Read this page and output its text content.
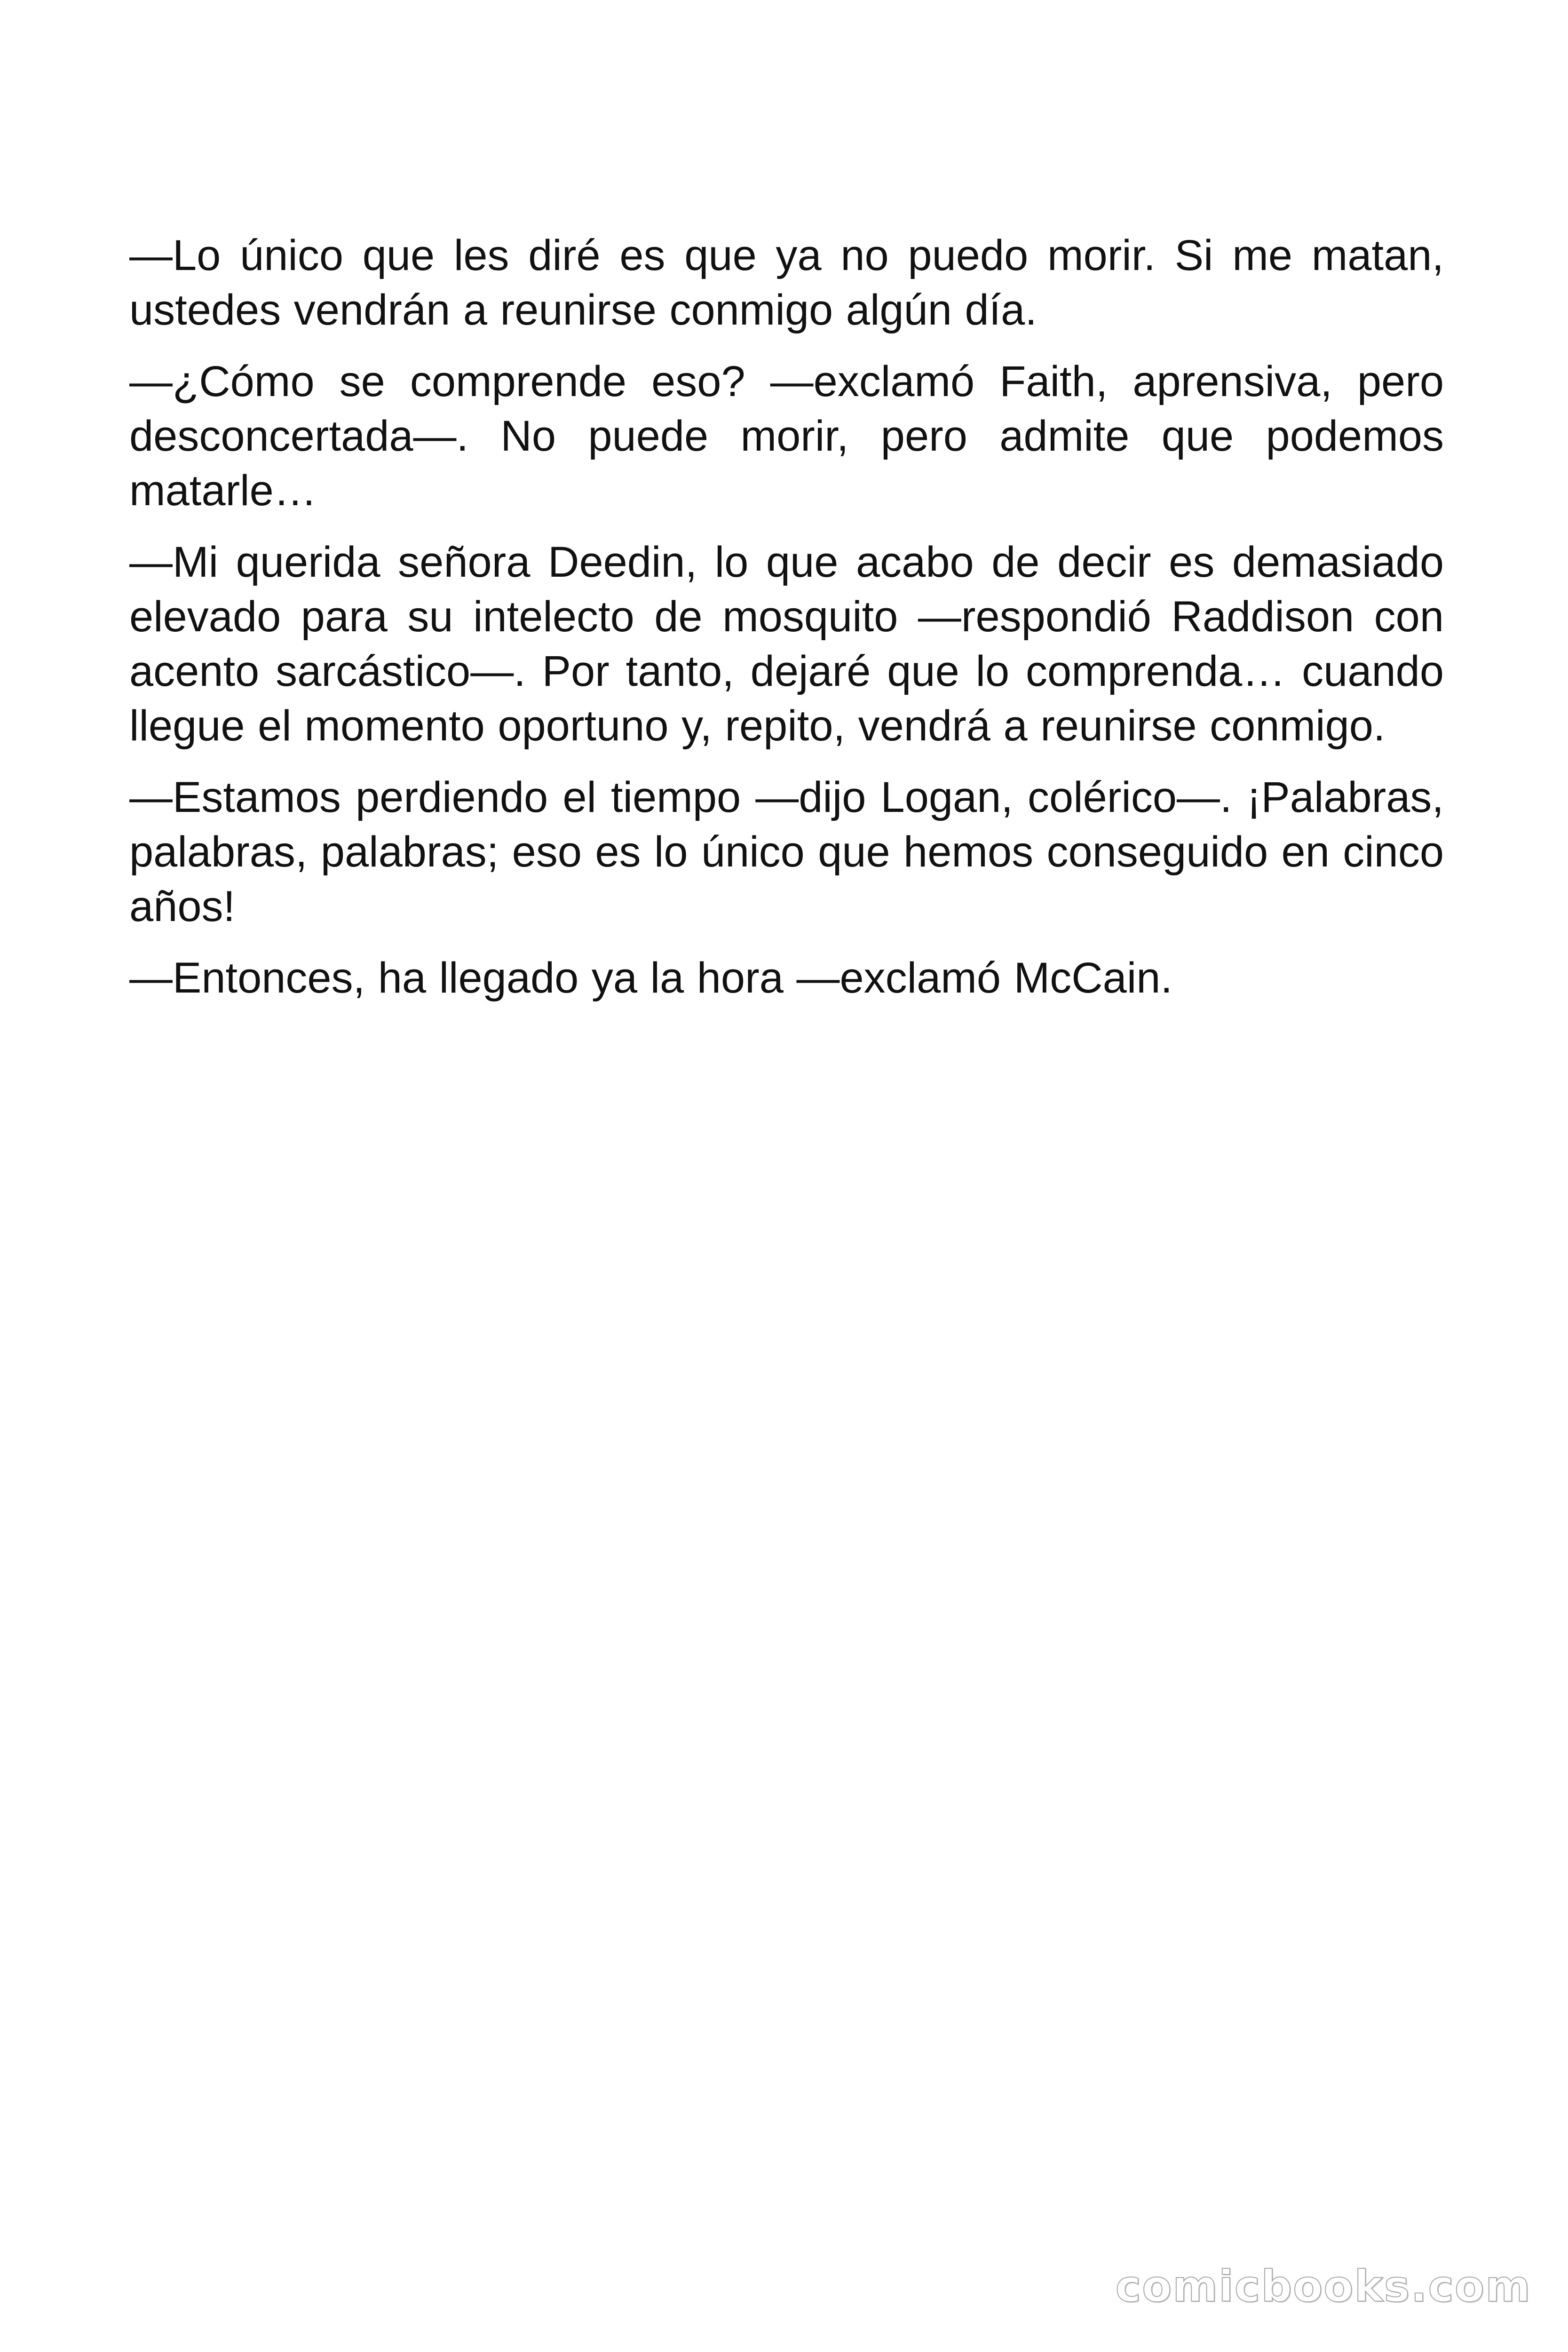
—Lo único que les diré es que ya no puedo morir. Si me matan, ustedes vendrán a reunirse conmigo algún día.

—¿Cómo se comprende eso? —exclamó Faith, aprensiva, pero desconcertada—. No puede morir, pero admite que podemos matarle…

—Mi querida señora Deedin, lo que acabo de decir es demasiado elevado para su intelecto de mosquito —respondió Raddison con acento sarcástico—. Por tanto, dejaré que lo comprenda… cuando llegue el momento oportuno y, repito, vendrá a reunirse conmigo.

—Estamos perdiendo el tiempo —dijo Logan, colérico—. ¡Palabras, palabras, palabras; eso es lo único que hemos conseguido en cinco años!

—Entonces, ha llegado ya la hora —exclamó McCain.

comicbooks.com
